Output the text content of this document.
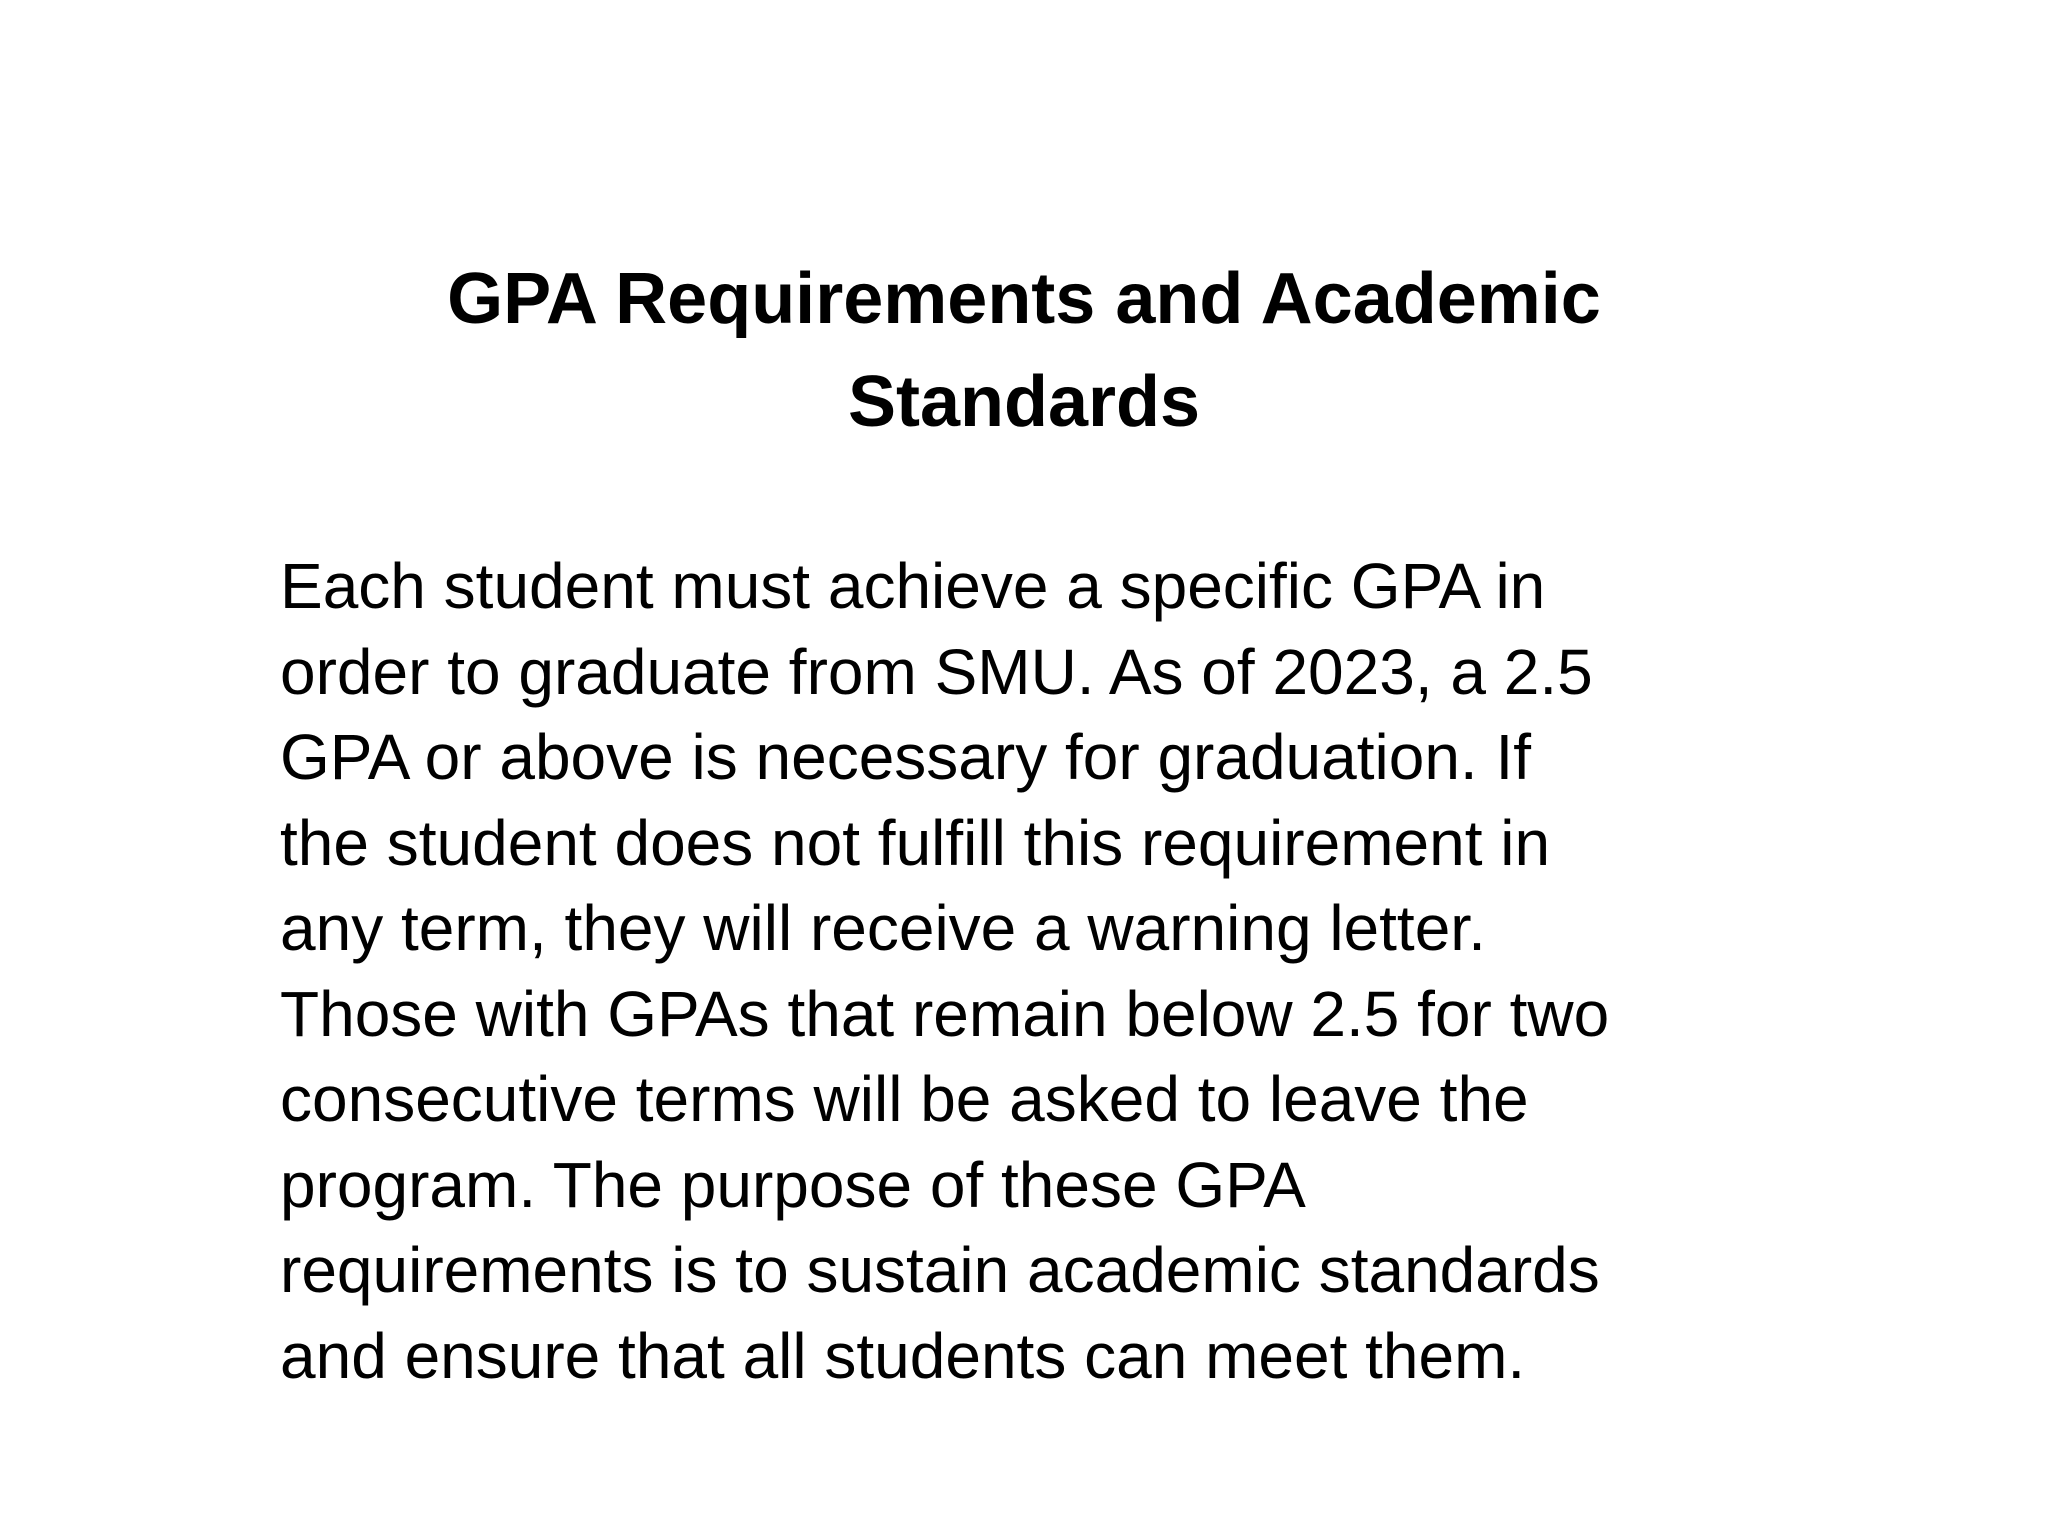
GPA Requirements and Academic
Standards
Each student must achieve a specific GPA in
order to graduate from SMU. As of 2023, a 2.5
GPA or above is necessary for graduation. If
the student does not fulfill this requirement in
any term, they will receive a warning letter.
Those with GPAs that remain below 2.5 for two
consecutive terms will be asked to leave the
program. The purpose of these GPA
requirements is to sustain academic standards
and ensure that all students can meet them.
